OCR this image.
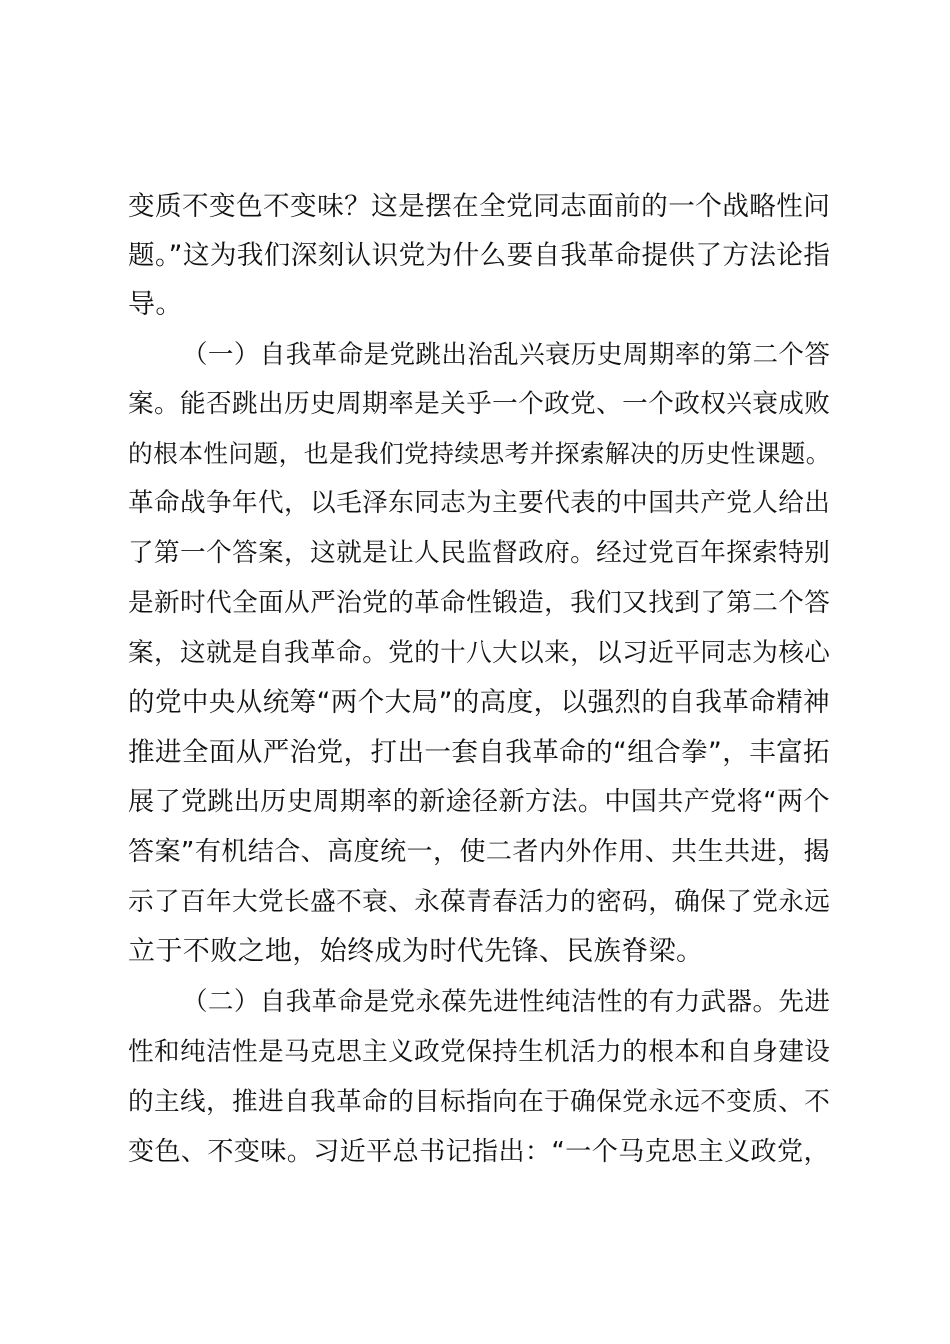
变质不变色不变味？这是摆在全党同志面前的一个战略性问
题。”这为我们深刻认识党为什么要自我革命提供了方法论指
导。
（一）自我革命是党跳出治乱兴衰历史周期率的第二个答
案。能否跳出历史周期率是关乎一个政党、一个政权兴衰成败
的根本性问题，也是我们党持续思考并探索解决的历史性课题。
革命战争年代，以毛泽东同志为主要代表的中国共产党人给出
了第一个答案，这就是让人民监督政府。经过党百年探索特别
是新时代全面从严治党的革命性锻造，我们又找到了第二个答
案，这就是自我革命。党的十八大以来，以习近平同志为核心
的党中央从统筹“两个大局”的高度，以强烈的自我革命精神
推进全面从严治党，打出一套自我革命的“组合拳”，丰富拓
展了党跳出历史周期率的新途径新方法。中国共产党将“两个
答案”有机结合、高度统一，使二者内外作用、共生共进，揭
示了百年大党长盛不衰、永葆青春活力的密码，确保了党永远
立于不败之地，始终成为时代先锋、民族脊梁。
（二）自我革命是党永葆先进性纯洁性的有力武器。先进
性和纯洁性是马克思主义政党保持生机活力的根本和自身建设
的主线，推进自我革命的目标指向在于确保党永远不变质、不
变色、不变味。习近平总书记指出：“一个马克思主义政党，
